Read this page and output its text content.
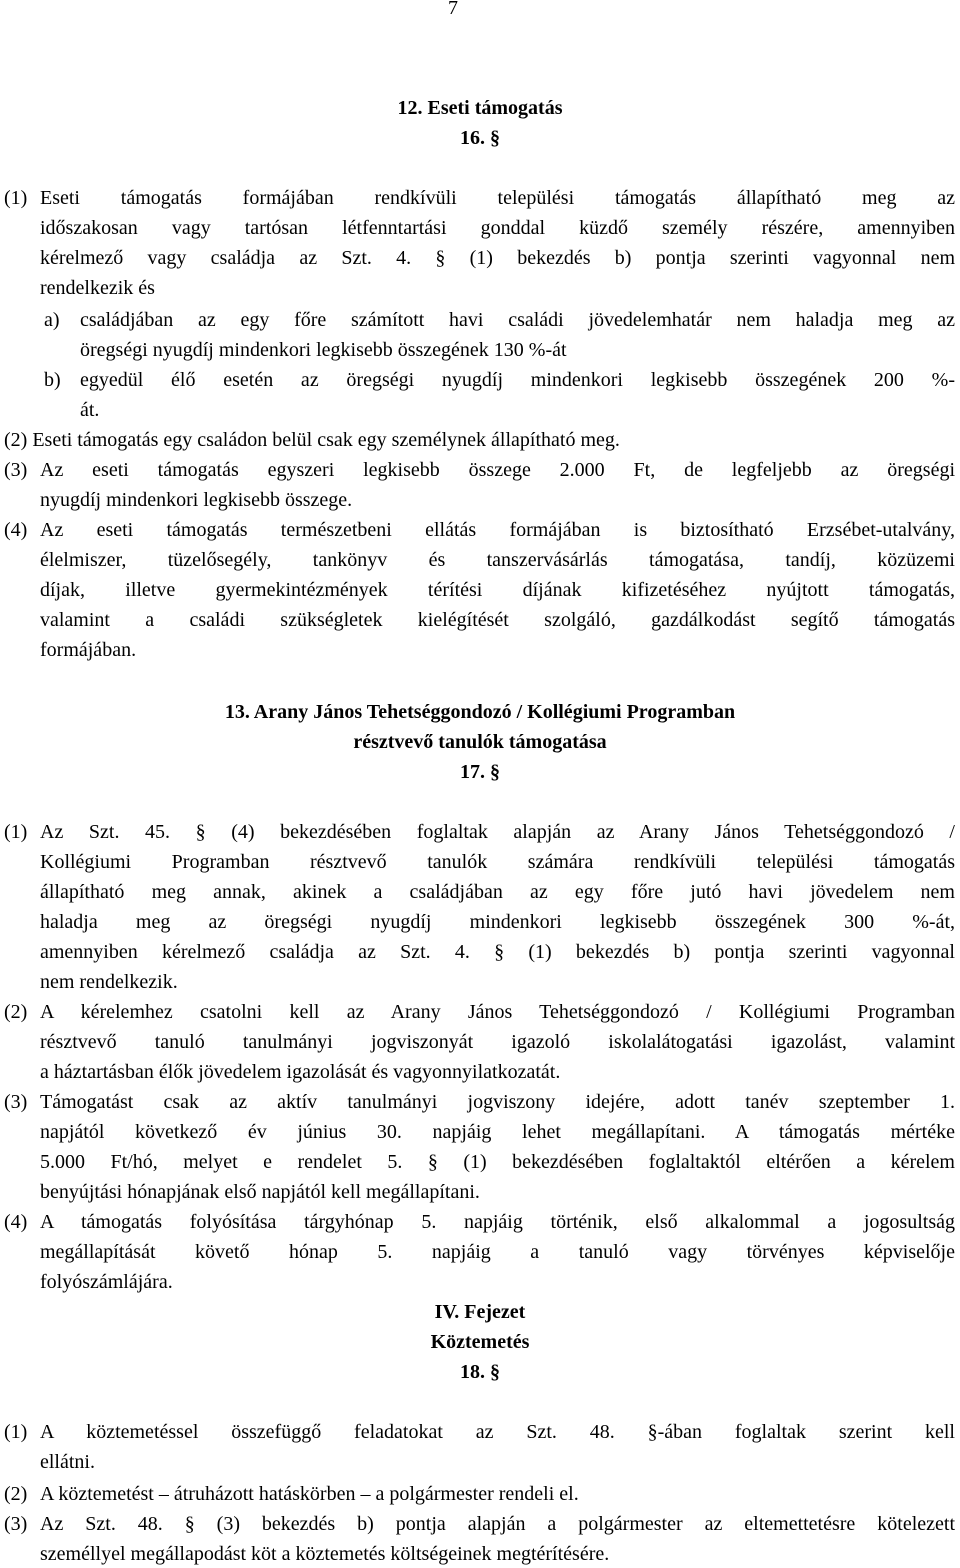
7
12. Eseti támogatás
16. §
(1) Eseti támogatás formájában rendkívüli települési támogatás állapítható meg az
időszakosan vagy tartósan létfenntartási gonddal küzdő személy részére, amennyiben
kérelmező vagy családja az Szt. 4. § (1) bekezdés b) pontja szerinti vagyonnal nem
rendelkezik és
a) családjában az egy főre számított havi családi jövedelemhatár nem haladja meg az
öregségi nyugdíj mindenkori legkisebb összegének 130 %-át
b) egyedül élő esetén az öregségi nyugdíj mindenkori legkisebb összegének 200 %-
át.
(2) Eseti támogatás egy családon belül csak egy személynek állapítható meg.
(3) Az eseti támogatás egyszeri legkisebb összege 2.000 Ft, de legfeljebb az öregségi
nyugdíj mindenkori legkisebb összege.
(4) Az eseti támogatás természetbeni ellátás formájában is biztosítható Erzsébet-utalvány,
élelmiszer, tüzelősegély, tankönyv és tanszervásárlás támogatása, tandíj, közüzemi
díjak, illetve gyermekintézmények térítési díjának kifizetéséhez nyújtott támogatás,
valamint a családi szükségletek kielégítését szolgáló, gazdálkodást segítő támogatás
formájában.
13. Arany János Tehetséggondozó / Kollégiumi Programban
résztvevő tanulók támogatása
17. §
(1) Az Szt. 45. § (4) bekezdésében foglaltak alapján az Arany János Tehetséggondozó /
Kollégiumi Programban résztvevő tanulók számára rendkívüli települési támogatás
állapítható meg annak, akinek a családjában az egy főre jutó havi jövedelem nem
haladja meg az öregségi nyugdíj mindenkori legkisebb összegének 300 %-át,
amennyiben kérelmező családja az Szt. 4. § (1) bekezdés b) pontja szerinti vagyonnal
nem rendelkezik.
(2) A kérelemhez csatolni kell az Arany János Tehetséggondozó / Kollégiumi Programban
résztvevő tanuló tanulmányi jogviszonyát igazoló iskolalátogatási igazolást, valamint
a háztartásban élők jövedelem igazolását és vagyonnyilatkozatát.
(3) Támogatást csak az aktív tanulmányi jogviszony idejére, adott tanév szeptember 1.
napjától következő év június 30. napjáig lehet megállapítani. A támogatás mértéke
5.000 Ft/hó, melyet e rendelet 5. § (1) bekezdésében foglaltaktól eltérően a kérelem
benyújtási hónapjának első napjától kell megállapítani.
(4) A támogatás folyósítása tárgyhónap 5. napjáig történik, első alkalommal a jogosultság
megállapítását követő hónap 5. napjáig a tanuló vagy törvényes képviselője
folyószámlájára.
IV. Fejezet
Köztemetés
18. §
(1) A köztemetéssel összefüggő feladatokat az Szt. 48. §-ában foglaltak szerint kell
ellátni.
(2) A köztemetést – átruházott hatáskörben – a polgármester rendeli el.
(3) Az Szt. 48. § (3) bekezdés b) pontja alapján a polgármester az eltemettetésre kötelezett
személlyel megállapodást köt a köztemetés költségeinek megtérítésére.
